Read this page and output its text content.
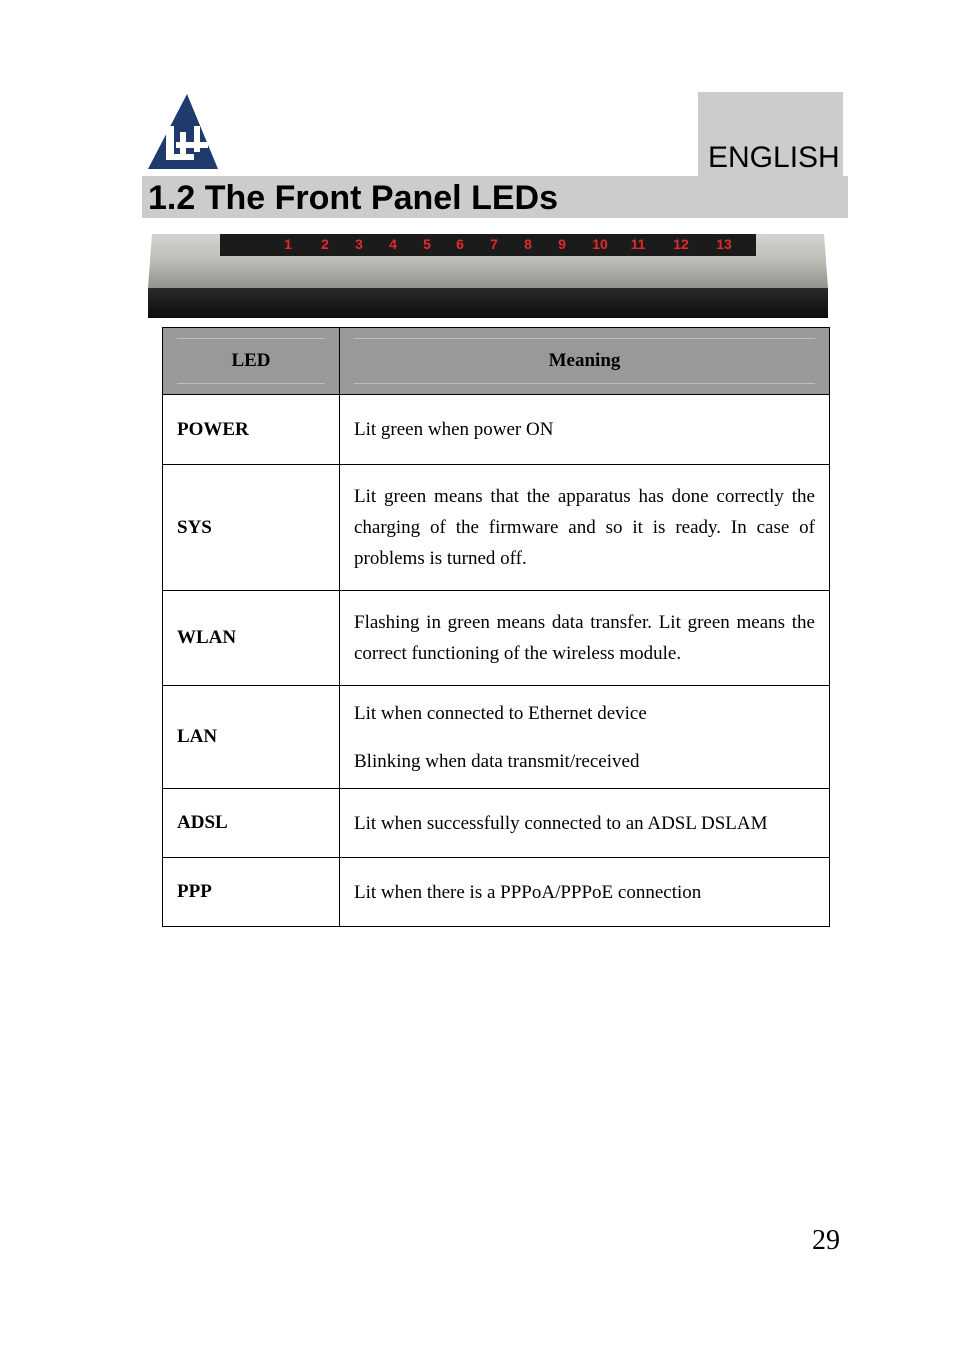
ENGLISH
1.2 The Front Panel LEDs
1 2 3 4 5 6 7 8 9 10 11 12 13
LED	Meaning

POWER	Lit green when power ON

SYS	Lit green means that the apparatus has done correctly the charging of the firmware and so it is ready. In case of problems is turned off.

WLAN	Flashing in green means data transfer. Lit green means the correct functioning of the wireless module.

LAN	Lit when connected to Ethernet device

Blinking when data transmit/received

ADSL	Lit when successfully connected to an ADSL DSLAM

PPP	Lit when there is a PPPoA/PPPoE connection

29
